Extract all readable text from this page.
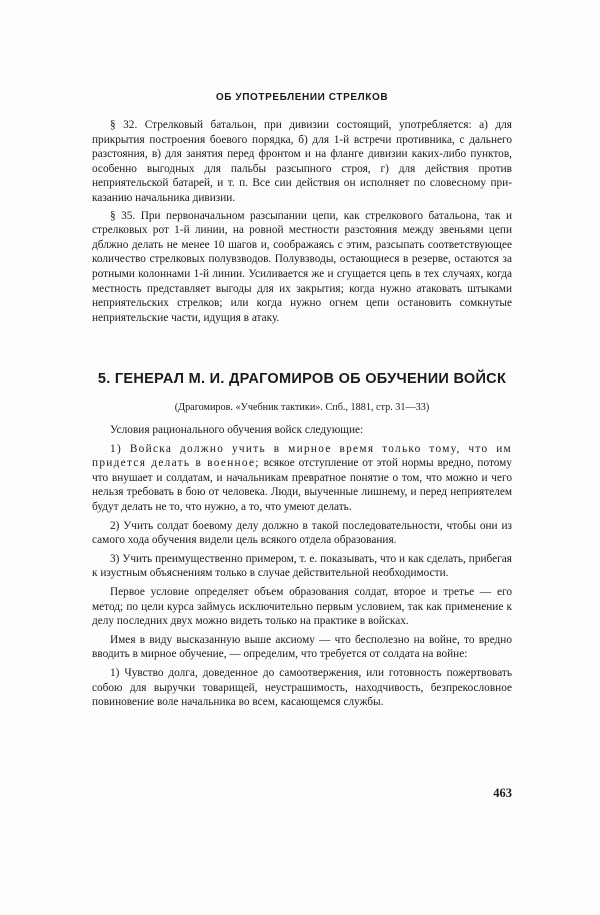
ОБ УПОТРЕБЛЕНИИ СТРЕЛКОВ

§ 32. Стрелковый батальон, при дивизии состоящий, употребляется: а) для прикрытия построения боевого порядка, б) для 1-й встречи противника, с дальнего разстояния, в) для занятия перед фронтом и на фланге дивизии каких-либо пунктов, особенно выгодных для пальбы разсыпного строя, г) для действия против неприятельской батарей, и т. п. Все сии действия он исполняет по словесному приказанию начальника дивизии.

§ 35. При первоначальном разсыпании цепи, как стрелкового батальона, так и стрелковых рот 1-й линии, на ровной местности разстояния между звеньями цепи дблжно делать не менее 10 шагов и, соображаясь с этим, разсыпать соответствующее количество стрелковых полувзводов. Полувзводы, остающиеся в резерве, остаются за ротными колоннами 1-й линии. Усиливается же и сгущается цепь в тех случаях, когда местность представляет выгоды для их закрытия; когда нужно атаковать штыками неприятельских стрелков; или когда нужно огнем цепи остановить сомкнутые неприятельские части, идущия в атаку.

5. ГЕНЕРАЛ М. И. ДРАГОМИРОВ ОБ ОБУЧЕНИИ ВОЙСК
(Драгомиров. «Учебник тактики». Спб., 1881, стр. 31—33)

Условия рационального обучения войск следующие:

1) Войска должно учить в мирное время только тому, что им придется делать в военное; всякое отступление от этой нормы вредно, потому что внушает и солдатам, и начальникам превратное понятие о том, что можно и чего нельзя требовать в бою от человека. Люди, выученные лишнему, и перед неприятелем будут делать не то, что нужно, а то, что умеют делать.

2) Учить солдат боевому делу должно в такой последовательности, чтобы они из самого хода обучения видели цель всякого отдела образования.

3) Учить преимущественно примером, т. е. показывать, что и как сделать, прибегая к изустным объяснениям только в случае действительной необходимости.

Первое условие определяет объем образования солдат, второе и третье — его метод; по цели курса займусь исключительно первым условием, так как применение к делу последних двух можно видеть только на практике в войсках.

Имея в виду высказанную выше аксиому — что бесполезно на войне, то вредно вводить в мирное обучение, — определим, что требуется от солдата на войне:

1) Чувство долга, доведенное до самоотвержения, или готовность пожертвовать собою для выручки товарищей, неустрашимость, находчивость, безпрекословное повиновение воле начальника во всем, касающемся службы.

463
